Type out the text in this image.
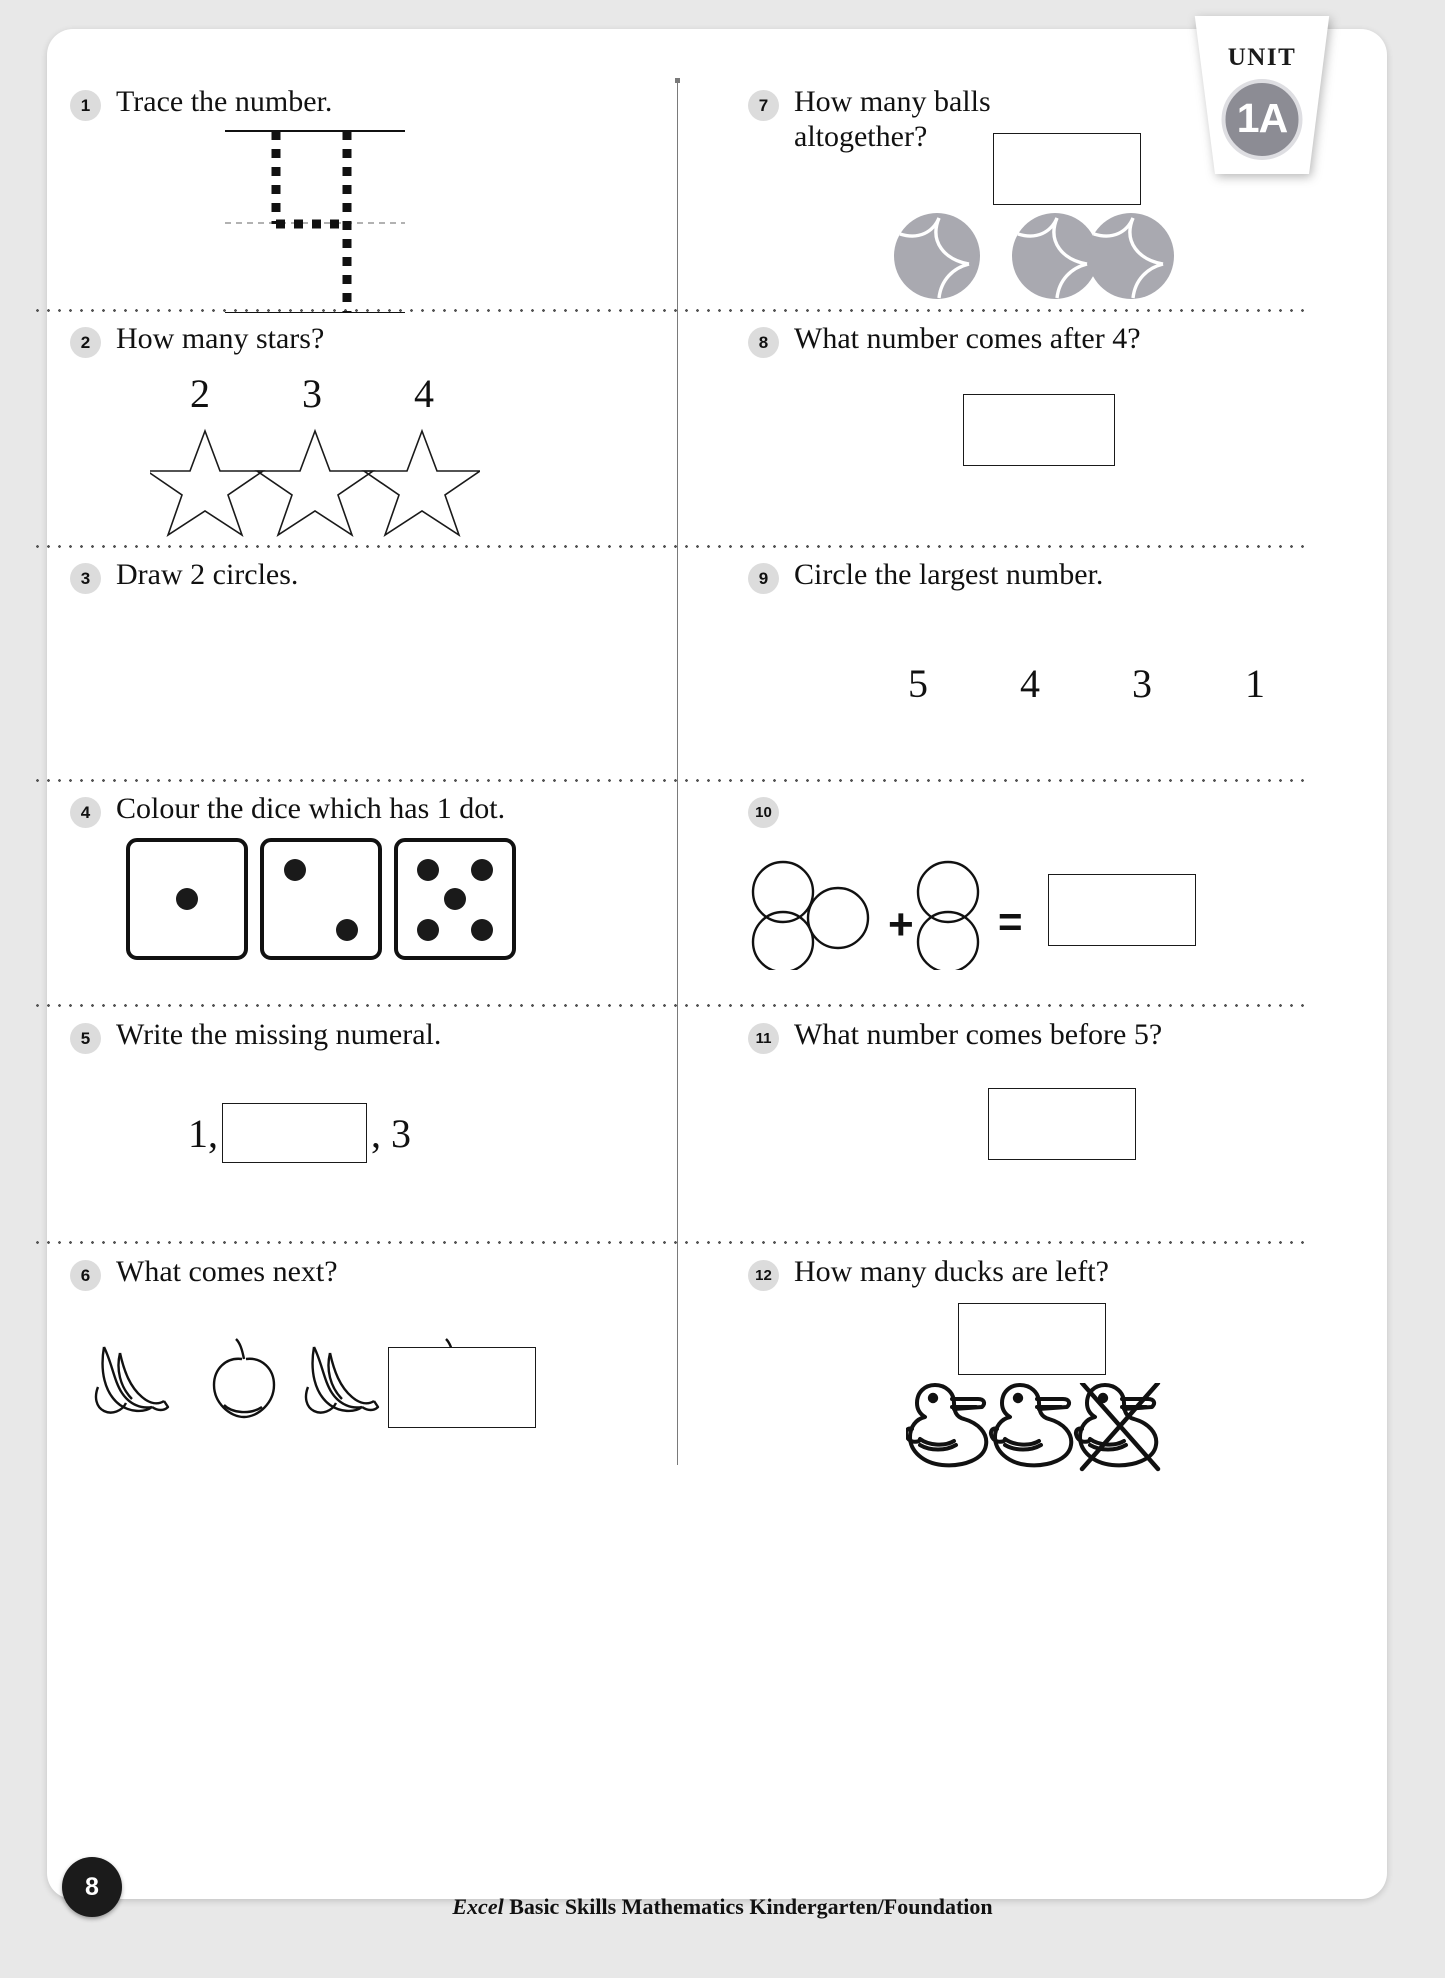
UNIT
1A
1 Trace the number.
2 How many stars?
2 3 4
3 Draw 2 circles.
4 Colour the dice which has 1 dot.
5 Write the missing numeral.
1,	, 3
6 What comes next?
7 How many balls altogether?
8 What number comes after 4?
9 Circle the largest number.
5 4 3 1
10
+ =
11 What number comes before 5?
12 How many ducks are left?
8
Excel Basic Skills Mathematics Kindergarten/Foundation
